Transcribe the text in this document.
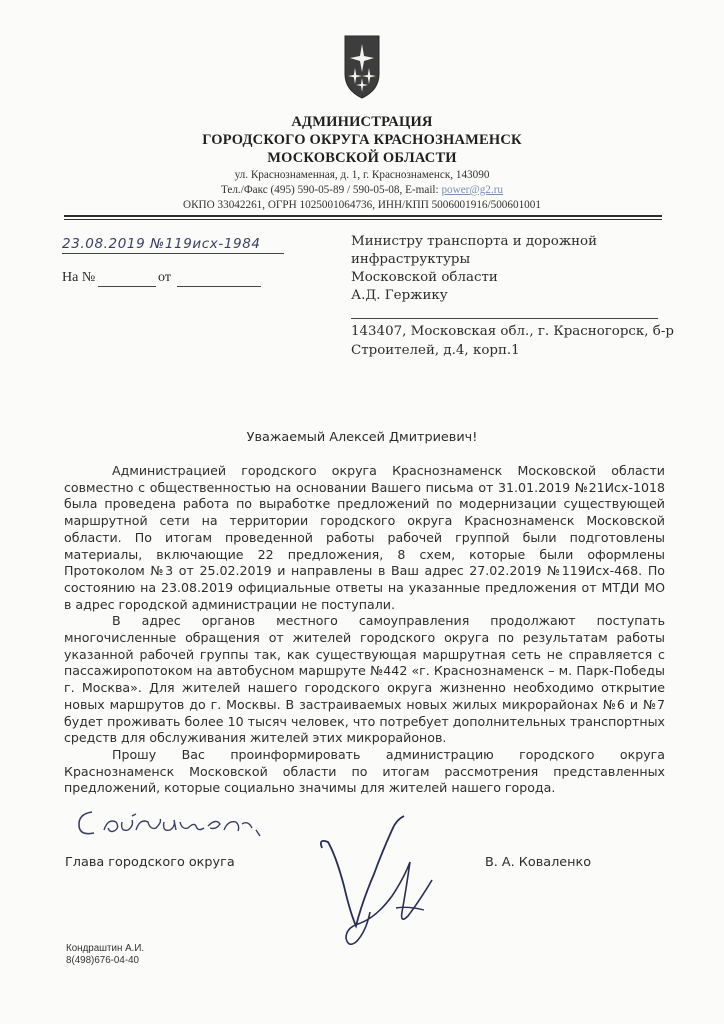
АДМИНИСТРАЦИЯ
ГОРОДСКОГО ОКРУГА КРАСНОЗНАМЕНСК
МОСКОВСКОЙ ОБЛАСТИ
ул. Краснознаменная, д. 1, г. Краснознаменск, 143090
Тел./Факс (495) 590-05-89 / 590-05-08, E-mail: power@g2.ru
ОКПО 33042261, ОГРН 1025001064736, ИНН/КПП 5006001916/500601001
23.08.2019 №119исх-1984
На №	от
Министру транспорта и дорожной
инфраструктуры
Московской области
А.Д. Гержику
143407, Московская обл., г. Красногорск, б-р
Строителей, д.4, корп.1
Уважаемый Алексей Дмитриевич!

Администрацией городского округа Краснознаменск Московской области совместно с общественностью на основании Вашего письма от 31.01.2019 №21Исх-1018 была проведена работа по выработке предложений по модернизации существующей маршрутной сети на территории городского округа Краснознаменск Московской области. По итогам проведенной работы рабочей группой были подготовлены материалы, включающие 22 предложения, 8 схем, которые были оформлены Протоколом №3 от 25.02.2019 и направлены в Ваш адрес 27.02.2019 №119Исх-468. По состоянию на 23.08.2019 официальные ответы на указанные предложения от МТДИ МО в адрес городской администрации не поступали.

В адрес органов местного самоуправления продолжают поступать многочисленные обращения от жителей городского округа по результатам работы указанной рабочей группы так, как существующая маршрутная сеть не справляется с пассажиропотоком на автобусном маршруте №442 «г. Краснознаменск – м. Парк-Победы г. Москва». Для жителей нашего городского округа жизненно необходимо открытие новых маршрутов до г. Москвы. В застраиваемых новых жилых микрорайонах №6 и №7 будет проживать более 10 тысяч человек, что потребует дополнительных транспортных средств для обслуживания жителей этих микрорайонов.

Прошу Вас проинформировать администрацию городского округа Краснознаменск Московской области по итогам рассмотрения представленных предложений, которые социально значимы для жителей нашего города.

Глава городского округа	В. А. Коваленко
Кондраштин А.И.
8(498)676-04-40
